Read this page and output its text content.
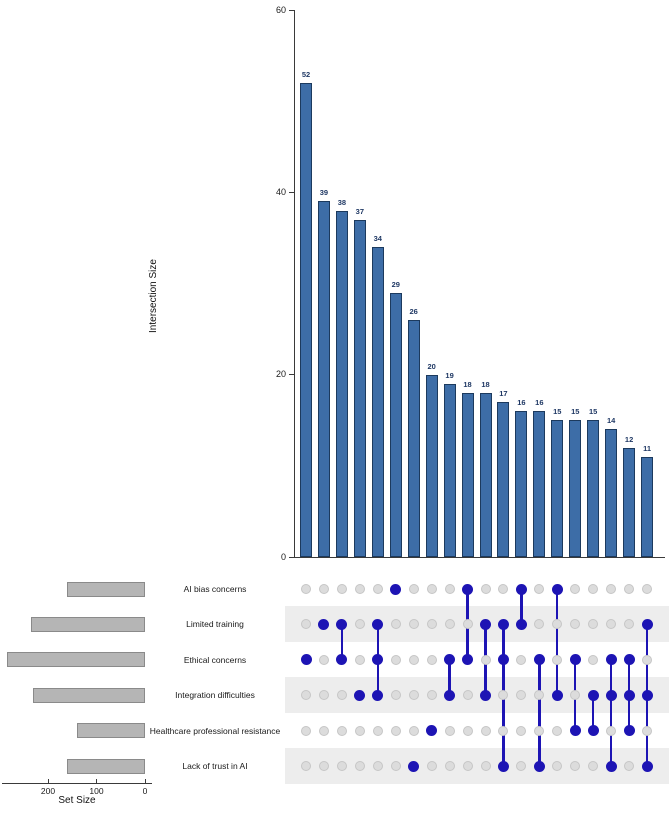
Intersection Size
0
20
40
60
52
39
38
37
34
29
26
20
19
18	18
17
16	16
15	15	15
14
12
11
AI bias concerns
Limited training
Ethical concerns
Integration difficulties
Healthcare professional resistance
Lack of trust in AI
200	100	0
Set Size
